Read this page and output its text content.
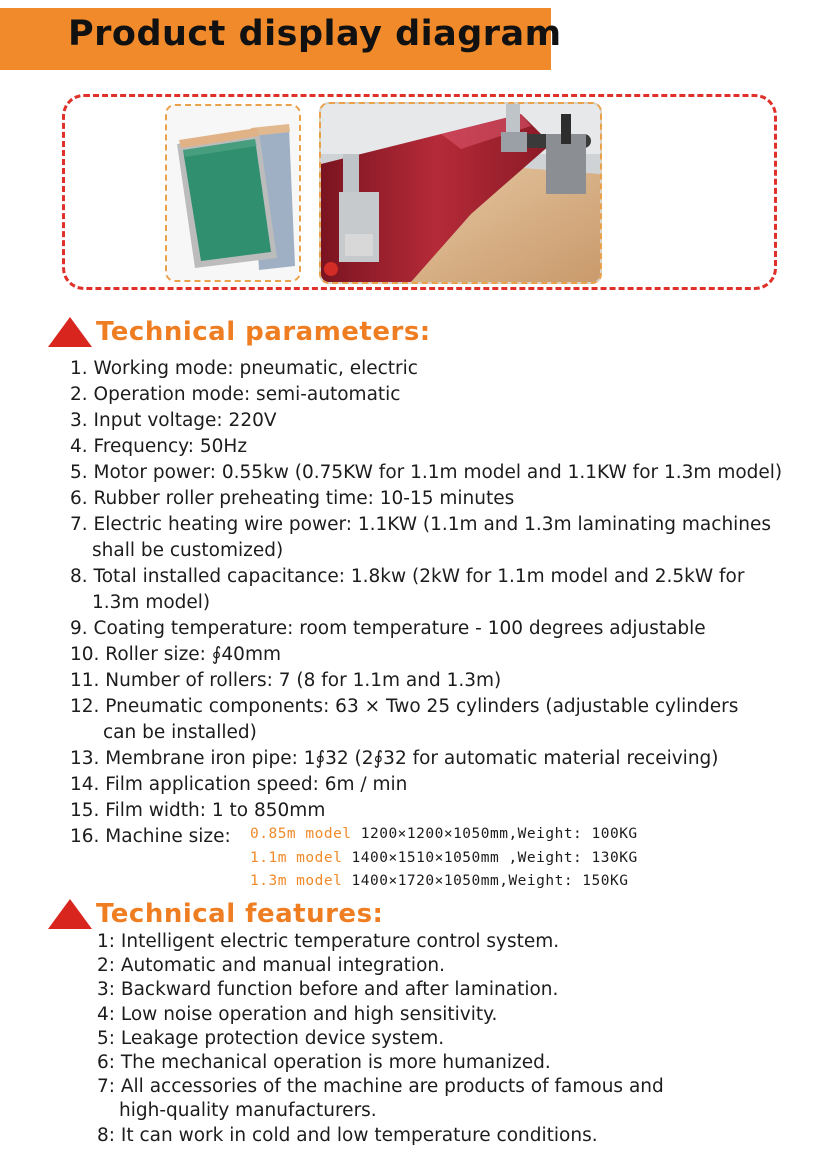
Product display diagram
Technical parameters:
1. Working mode: pneumatic, electric
2. Operation mode: semi-automatic
3. Input voltage: 220V
4. Frequency: 50Hz
5. Motor power: 0.55kw (0.75KW for 1.1m model and 1.1KW for 1.3m model)
6. Rubber roller preheating time: 10-15 minutes
7. Electric heating wire power: 1.1KW (1.1m and 1.3m laminating machines
shall be customized)
8. Total installed capacitance: 1.8kw (2kW for 1.1m model and 2.5kW for
1.3m model)
9. Coating temperature: room temperature - 100 degrees adjustable
10. Roller size: ∮40mm
11. Number of rollers: 7 (8 for 1.1m and 1.3m)
12. Pneumatic components: 63 × Two 25 cylinders (adjustable cylinders
can be installed)
13. Membrane iron pipe: 1∮32 (2∮32 for automatic material receiving)
14. Film application speed: 6m / min
15. Film width: 1 to 850mm
16. Machine size:	0.85m model 1200×1200×1050mm,Weight: 100KG
1.1m model 1400×1510×1050mm ,Weight: 130KG
1.3m model 1400×1720×1050mm,Weight: 150KG
Technical features:
1: Intelligent electric temperature control system.
2: Automatic and manual integration.
3: Backward function before and after lamination.
4: Low noise operation and high sensitivity.
5: Leakage protection device system.
6: The mechanical operation is more humanized.
7: All accessories of the machine are products of famous and
high-quality manufacturers.
8: It can work in cold and low temperature conditions.
